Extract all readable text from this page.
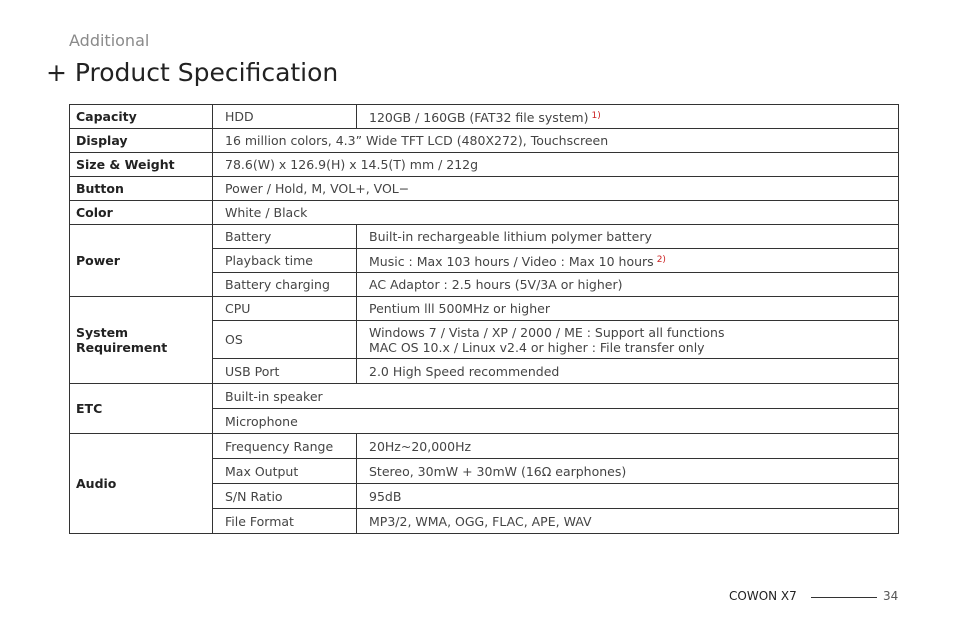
Additional
+ Product Specification
Capacity	HDD	120GB / 160GB (FAT32 file system) $^{1)}$
Display	16 million colors, 4.3” Wide TFT LCD (480X272), Touchscreen	
Size & Weight	78.6(W) x 126.9(H) x 14.5(T) mm / 212g	
Button	Power / Hold, M, VOL+, VOL−	
Color	White / Black	
Power	Battery	Built-in rechargeable lithium polymer battery
	Playback time	Music : Max 103 hours / Video : Max 10 hours $^{2)}$
	Battery charging	AC Adaptor : 2.5 hours (5V/3A or higher)
System Requirement	CPU	Pentium lll 500MHz or higher
	OS	Windows 7 / Vista / XP / 2000 / ME : Support all functions
MAC OS 10.x / Linux v2.4 or higher : File transfer only

	USB Port	2.0 High Speed recommended
ETC	Built-in speaker	
	Microphone	
Audio	Frequency Range	20Hz~20,000Hz
	Max Output	Stereo, 30mW + 30mW (16Ω earphones)
	S/N Ratio	95dB
	File Format	MP3/2, WMA, OGG, FLAC, APE, WAV
COWON X7	34
